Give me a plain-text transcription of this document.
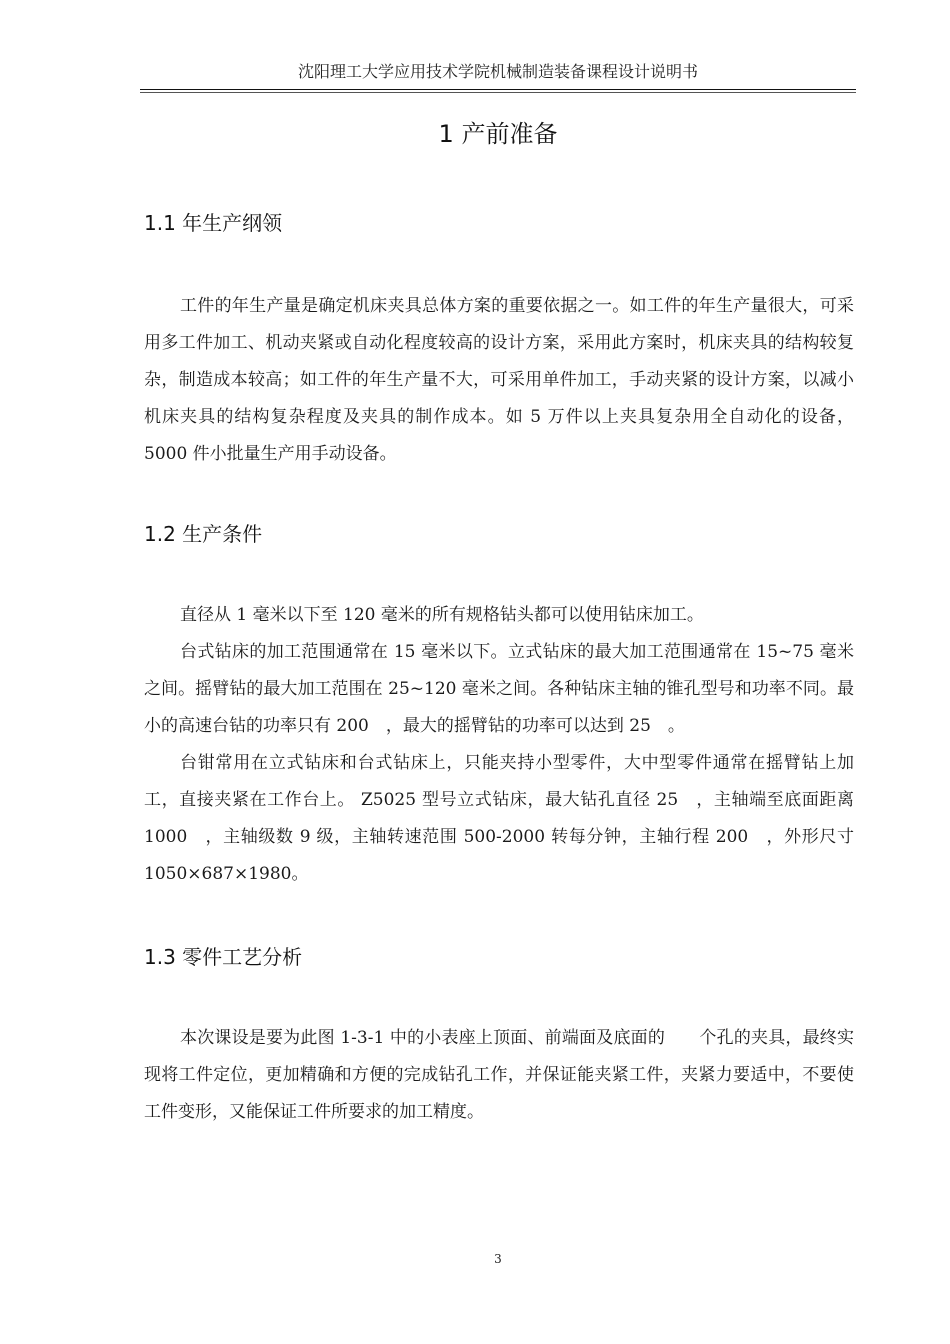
沈阳理工大学应用技术学院机械制造装备课程设计说明书
1 产前准备
1.1 年生产纲领
工件的年生产量是确定机床夹具总体方案的重要依据之一。如工件的年生产量很大，可采用多工件加工、机动夹紧或自动化程度较高的设计方案，采用此方案时，机床夹具的结构较复杂，制造成本较高；如工件的年生产量不大，可采用单件加工，手动夹紧的设计方案，以减小机床夹具的结构复杂程度及夹具的制作成本。如 5 万件以上夹具复杂用全自动化的设备，5000 件小批量生产用手动设备。
1.2 生产条件
直径从 1 毫米以下至 120 毫米的所有规格钻头都可以使用钻床加工。
台式钻床的加工范围通常在 15 毫米以下。立式钻床的最大加工范围通常在 15~75 毫米之间。摇臂钻的最大加工范围在 25~120 毫米之间。各种钻床主轴的锥孔型号和功率不同。最小的高速台钻的功率只有 200　，最大的摇臂钻的功率可以达到 25　。
台钳常用在立式钻床和台式钻床上，只能夹持小型零件，大中型零件通常在摇臂钻上加工，直接夹紧在工作台上。 Z5025 型号立式钻床，最大钻孔直径 25　，主轴端至底面距离 1000　，主轴级数 9 级，主轴转速范围 500-2000 转每分钟，主轴行程 200　，外形尺寸 1050×687×1980。
1.3 零件工艺分析
本次课设是要为此图 1-3-1 中的小表座上顶面、前端面及底面的　　个孔的夹具，最终实现将工件定位，更加精确和方便的完成钻孔工作，并保证能夹紧工件，夹紧力要适中，不要使工件变形，又能保证工件所要求的加工精度。
3
